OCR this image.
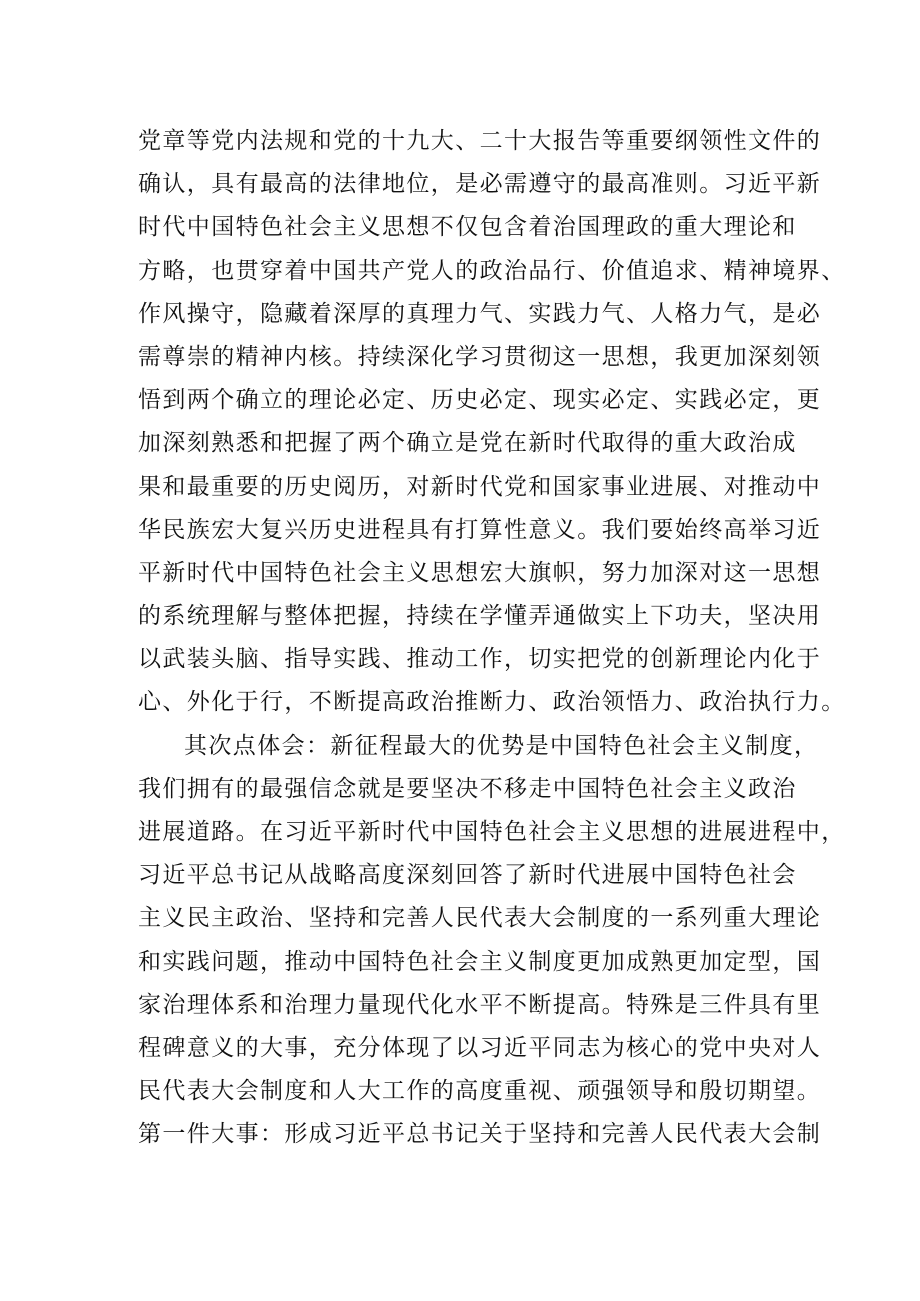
党章等党内法规和党的十九大、二十大报告等重要纲领性文件的
确认，具有最高的法律地位，是必需遵守的最高准则。习近平新
时代中国特色社会主义思想不仅包含着治国理政的重大理论和
方略，也贯穿着中国共产党人的政治品行、价值追求、精神境界、
作风操守，隐藏着深厚的真理力气、实践力气、人格力气，是必
需尊崇的精神内核。持续深化学习贯彻这一思想，我更加深刻领
悟到两个确立的理论必定、历史必定、现实必定、实践必定，更
加深刻熟悉和把握了两个确立是党在新时代取得的重大政治成
果和最重要的历史阅历，对新时代党和国家事业进展、对推动中
华民族宏大复兴历史进程具有打算性意义。我们要始终高举习近
平新时代中国特色社会主义思想宏大旗帜，努力加深对这一思想
的系统理解与整体把握，持续在学懂弄通做实上下功夫，坚决用
以武装头脑、指导实践、推动工作，切实把党的创新理论内化于
心、外化于行，不断提高政治推断力、政治领悟力、政治执行力。
其次点体会：新征程最大的优势是中国特色社会主义制度，
我们拥有的最强信念就是要坚决不移走中国特色社会主义政治
进展道路。在习近平新时代中国特色社会主义思想的进展进程中，
习近平总书记从战略高度深刻回答了新时代进展中国特色社会
主义民主政治、坚持和完善人民代表大会制度的一系列重大理论
和实践问题，推动中国特色社会主义制度更加成熟更加定型，国
家治理体系和治理力量现代化水平不断提高。特殊是三件具有里
程碑意义的大事，充分体现了以习近平同志为核心的党中央对人
民代表大会制度和人大工作的高度重视、顽强领导和殷切期望。
第一件大事：形成习近平总书记关于坚持和完善人民代表大会制
